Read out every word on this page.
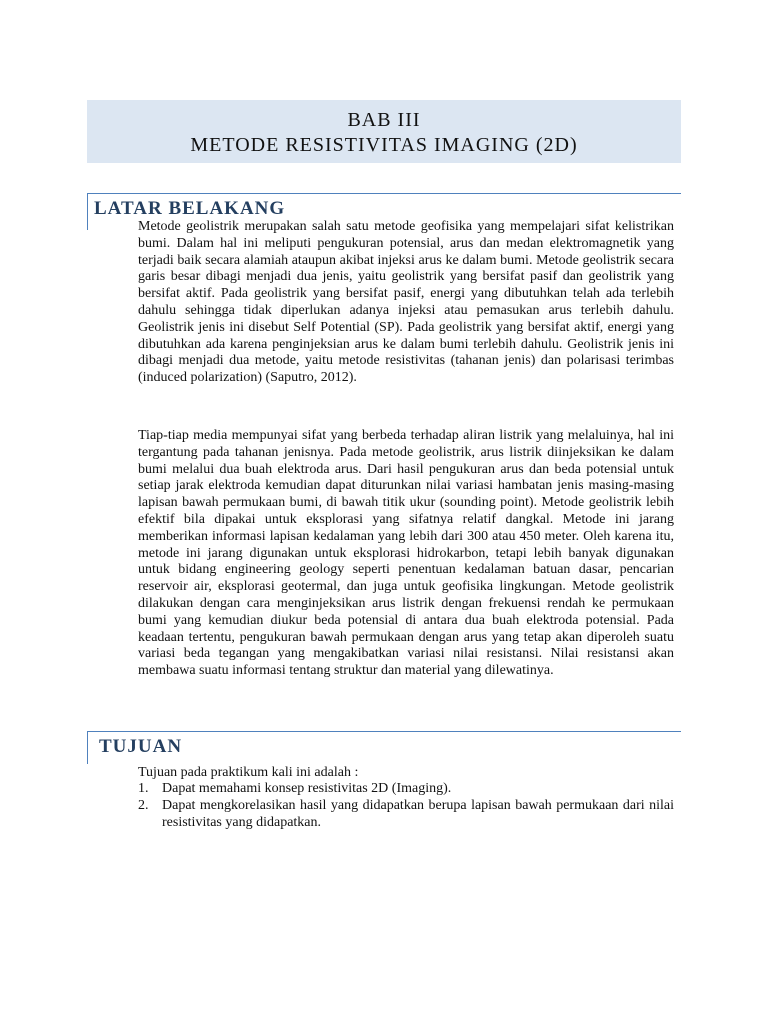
BAB III
METODE RESISTIVITAS IMAGING (2D)
LATAR BELAKANG
Metode geolistrik merupakan salah satu metode geofisika yang mempelajari sifat kelistrikan bumi. Dalam hal ini meliputi pengukuran potensial, arus dan medan elektromagnetik yang terjadi baik secara alamiah ataupun akibat injeksi arus ke dalam bumi. Metode geolistrik secara garis besar dibagi menjadi dua jenis, yaitu geolistrik yang bersifat pasif dan geolistrik yang bersifat aktif. Pada geolistrik yang bersifat pasif, energi yang dibutuhkan telah ada terlebih dahulu sehingga tidak diperlukan adanya injeksi atau pemasukan arus terlebih dahulu. Geolistrik jenis ini disebut Self Potential (SP). Pada geolistrik yang bersifat aktif, energi yang dibutuhkan ada karena penginjeksian arus ke dalam bumi terlebih dahulu. Geolistrik jenis ini dibagi menjadi dua metode, yaitu metode resistivitas (tahanan jenis) dan polarisasi terimbas (induced polarization) (Saputro, 2012).
Tiap-tiap media mempunyai sifat yang berbeda terhadap aliran listrik yang melaluinya, hal ini tergantung pada tahanan jenisnya. Pada metode geolistrik, arus listrik diinjeksikan ke dalam bumi melalui dua buah elektroda arus. Dari hasil pengukuran arus dan beda potensial untuk setiap jarak elektroda kemudian dapat diturunkan nilai variasi hambatan jenis masing-masing lapisan bawah permukaan bumi, di bawah titik ukur (sounding point). Metode geolistrik lebih efektif bila dipakai untuk eksplorasi yang sifatnya relatif dangkal. Metode ini jarang memberikan informasi lapisan kedalaman yang lebih dari 300 atau 450 meter. Oleh karena itu, metode ini jarang digunakan untuk eksplorasi hidrokarbon, tetapi lebih banyak digunakan untuk bidang engineering geology seperti penentuan kedalaman batuan dasar, pencarian reservoir air, eksplorasi geotermal, dan juga untuk geofisika lingkungan. Metode geolistrik dilakukan dengan cara menginjeksikan arus listrik dengan frekuensi rendah ke permukaan bumi yang kemudian diukur beda potensial di antara dua buah elektroda potensial. Pada keadaan tertentu, pengukuran bawah permukaan dengan arus yang tetap akan diperoleh suatu variasi beda tegangan yang mengakibatkan variasi nilai resistansi. Nilai resistansi akan membawa suatu informasi tentang struktur dan material yang dilewatinya.
TUJUAN
Tujuan pada praktikum kali ini adalah :
1. Dapat memahami konsep resistivitas 2D (Imaging).
2. Dapat mengkorelasikan hasil yang didapatkan berupa lapisan bawah permukaan dari nilai resistivitas yang didapatkan.
